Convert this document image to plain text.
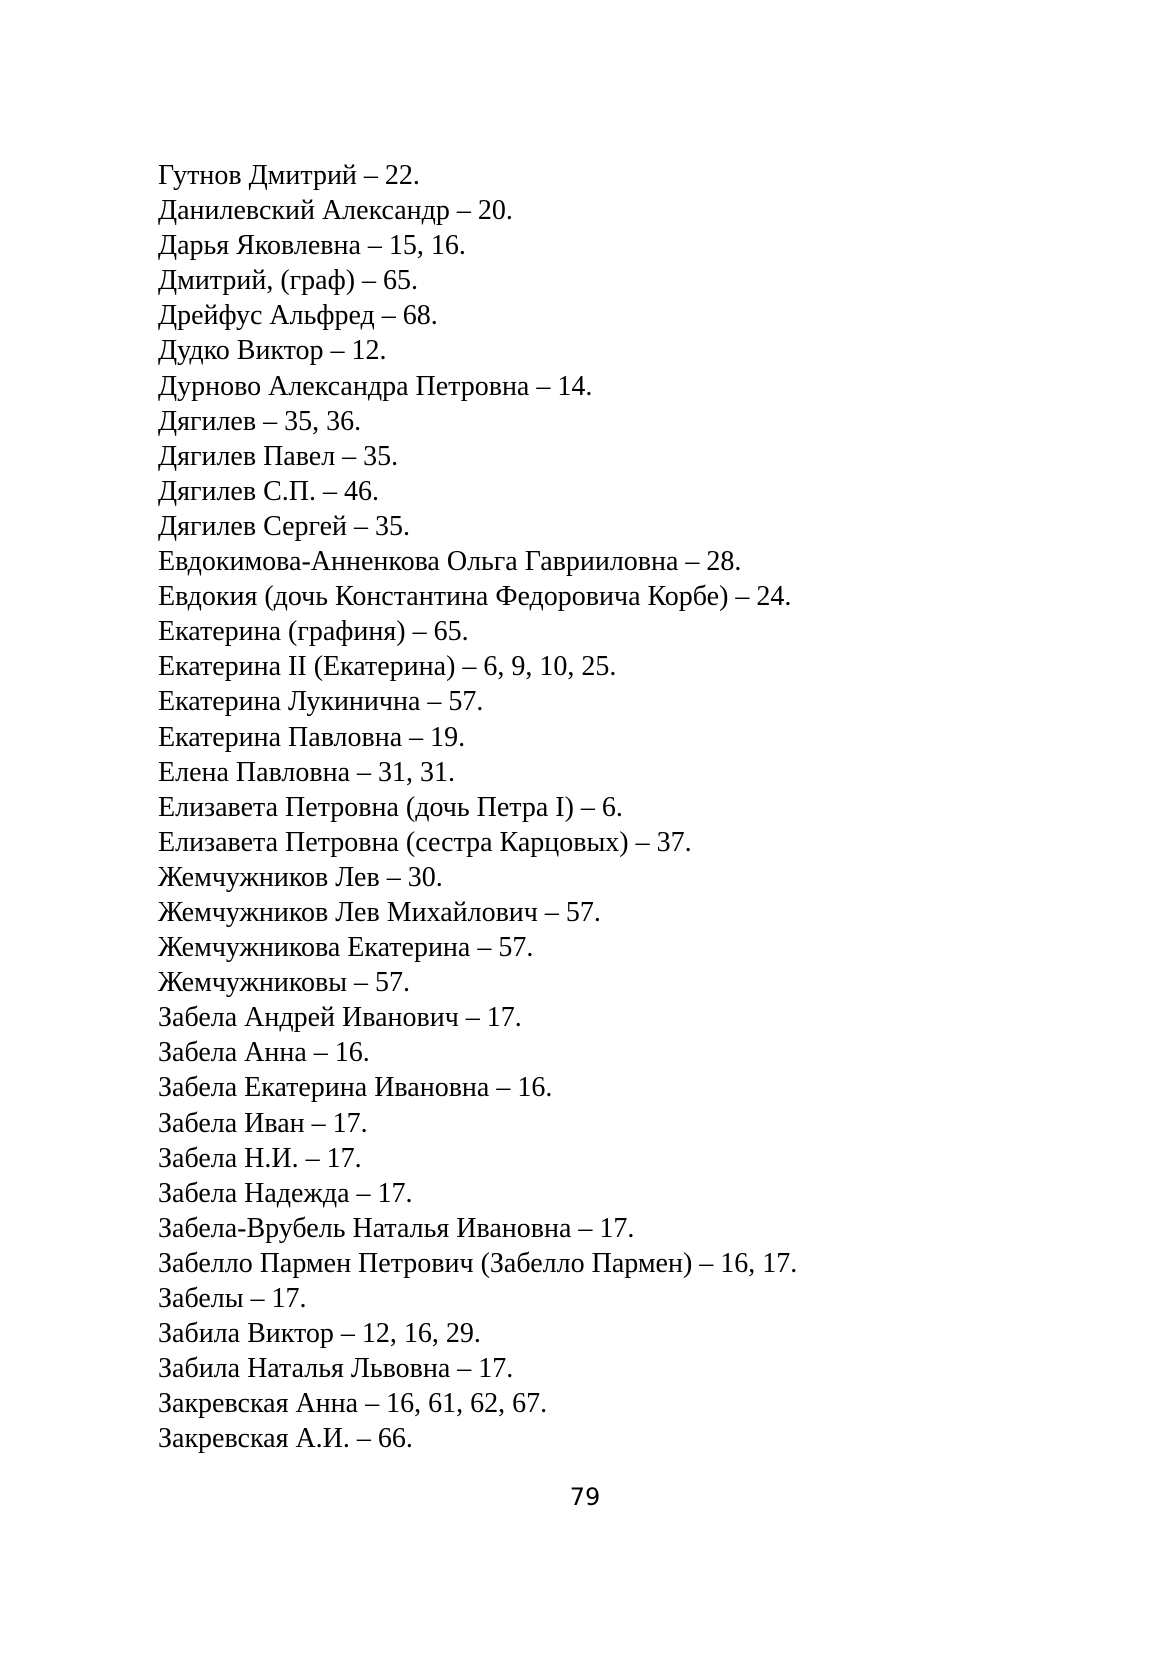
Гутнов Дмитрий – 22.
Данилевский Александр – 20.
Дарья Яковлевна – 15, 16.
Дмитрий, (граф) – 65.
Дрейфус Альфред – 68.
Дудко Виктор – 12.
Дурново Александра Петровна – 14.
Дягилев – 35, 36.
Дягилев Павел – 35.
Дягилев С.П. – 46.
Дягилев Сергей – 35.
Евдокимова-Анненкова Ольга Гаврииловна – 28.
Евдокия (дочь Константина Федоровича Корбе) – 24.
Екатерина (графиня) – 65.
Екатерина II (Екатерина) – 6, 9, 10, 25.
Екатерина Лукинична – 57.
Екатерина Павловна – 19.
Елена Павловна – 31, 31.
Елизавета Петровна (дочь Петра I) – 6.
Елизавета Петровна (сестра Карцовых) – 37.
Жемчужников Лев – 30.
Жемчужников Лев Михайлович – 57.
Жемчужникова Екатерина – 57.
Жемчужниковы – 57.
Забела Андрей Иванович – 17.
Забела Анна – 16.
Забела Екатерина Ивановна – 16.
Забела Иван – 17.
Забела Н.И. – 17.
Забела Надежда – 17.
Забела-Врубель Наталья Ивановна – 17.
Забелло Пармен Петрович (Забелло Пармен) – 16, 17.
Забелы – 17.
Забила Виктор – 12, 16, 29.
Забила Наталья Львовна – 17.
Закревская Анна – 16, 61, 62, 67.
Закревская А.И. – 66.
79
